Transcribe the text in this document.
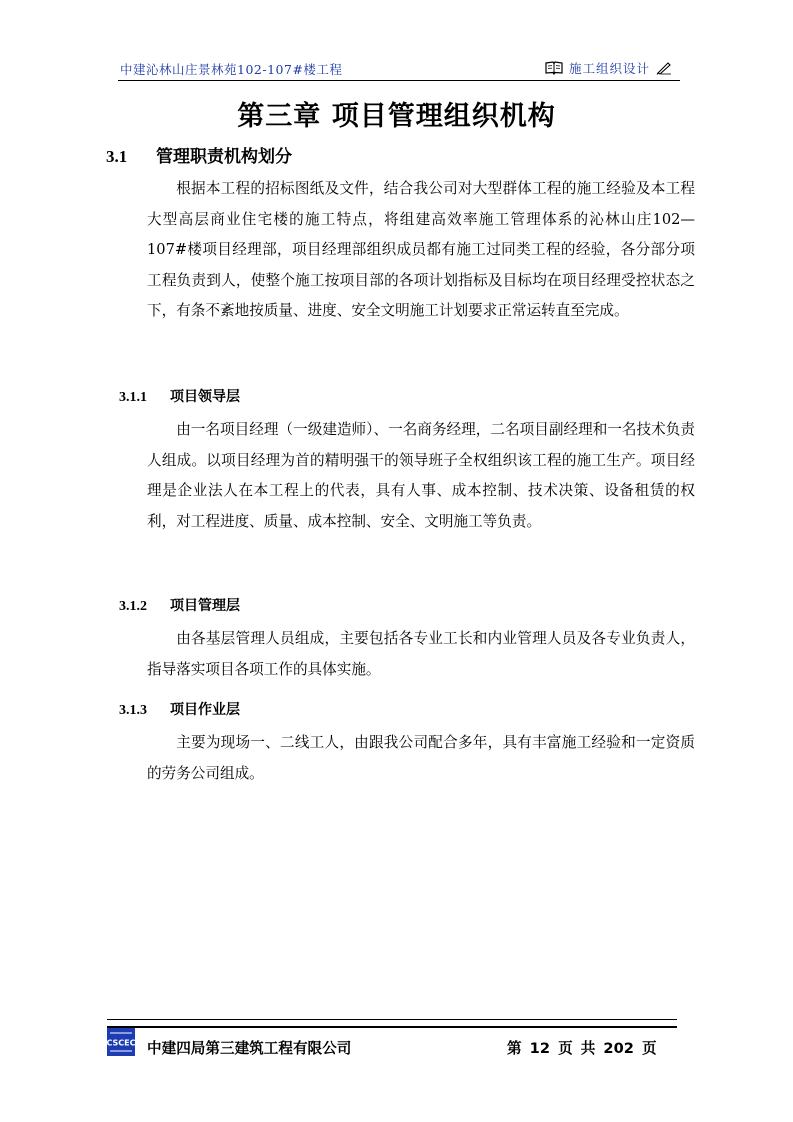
中建沁林山庄景林苑102-107#楼工程	施工组织设计
第三章 项目管理组织机构
3.1 管理职责机构划分

根据本工程的招标图纸及文件，结合我公司对大型群体工程的施工经验及本工程大型高层商业住宅楼的施工特点，将组建高效率施工管理体系的沁林山庄102—107#楼项目经理部，项目经理部组织成员都有施工过同类工程的经验，各分部分项工程负责到人，使整个施工按项目部的各项计划指标及目标均在项目经理受控状态之下，有条不紊地按质量、进度、安全文明施工计划要求正常运转直至完成。

3.1.1 项目领导层

由一名项目经理（一级建造师）、一名商务经理，二名项目副经理和一名技术负责人组成。以项目经理为首的精明强干的领导班子全权组织该工程的施工生产。项目经理是企业法人在本工程上的代表，具有人事、成本控制、技术决策、设备租赁的权利，对工程进度、质量、成本控制、安全、文明施工等负责。

3.1.2 项目管理层

由各基层管理人员组成，主要包括各专业工长和内业管理人员及各专业负责人，指导落实项目各项工作的具体实施。

3.1.3 项目作业层

主要为现场一、二线工人，由跟我公司配合多年，具有丰富施工经验和一定资质的劳务公司组成。

CSCEC 中建四局第三建筑工程有限公司	第 12 页 共 202 页
